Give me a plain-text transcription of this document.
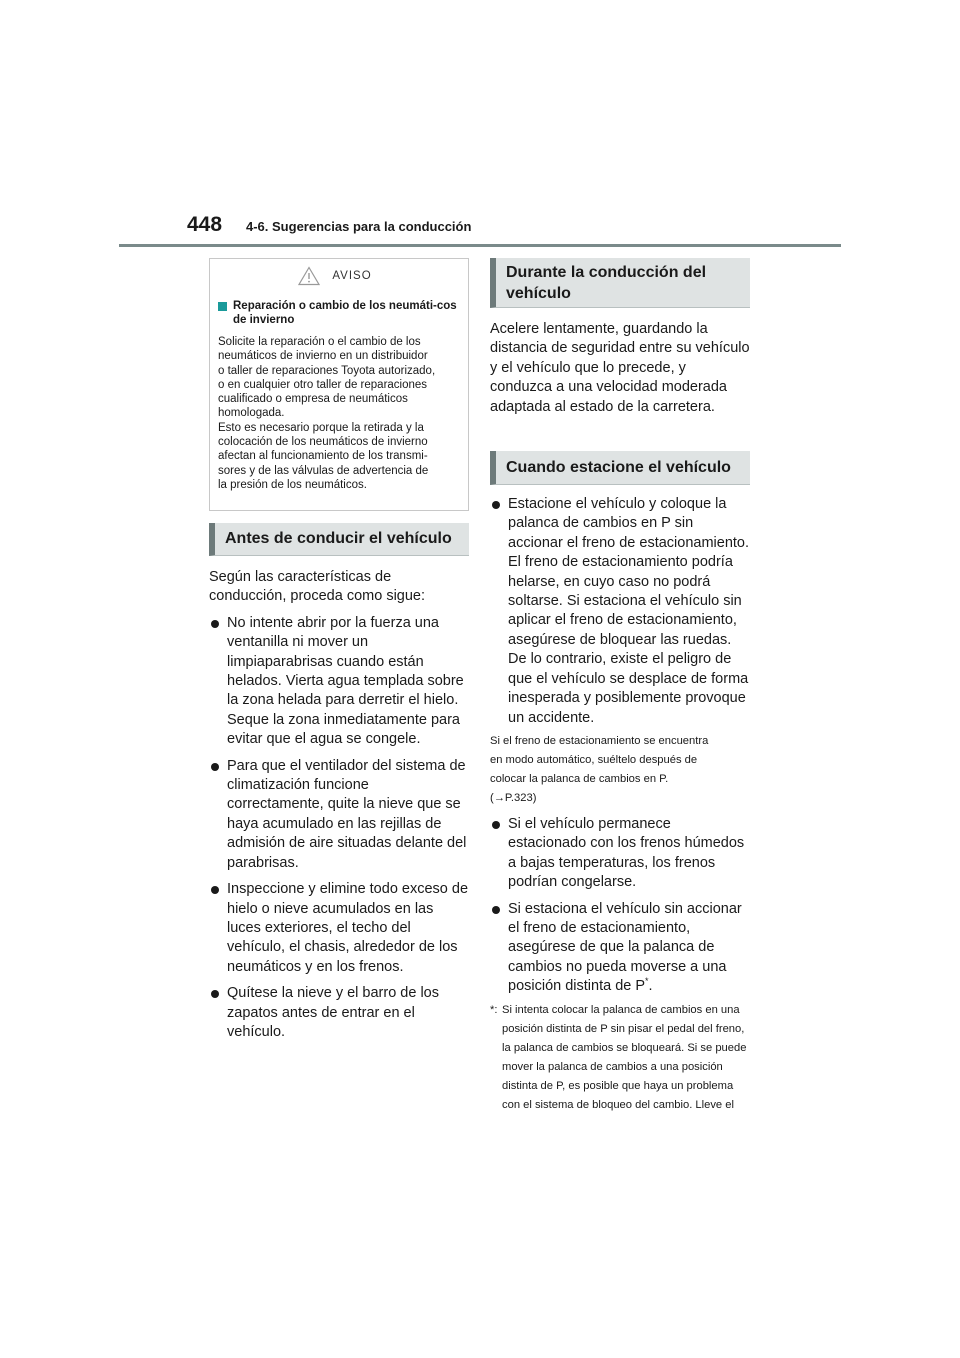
448 4-6. Sugerencias para la conducción
AVISO
Reparación o cambio de los neumáti-cos de invierno

Solicite la reparación o el cambio de los

neumáticos de invierno en un distribuidor

o taller de reparaciones Toyota autorizado,

o en cualquier otro taller de reparaciones

cualificado o empresa de neumáticos

homologada.

Esto es necesario porque la retirada y la

colocación de los neumáticos de invierno

afectan al funcionamiento de los transmi-

sores y de las válvulas de advertencia de

la presión de los neumáticos.

Antes de conducir el vehículo

Según las características de conducción, proceda como sigue:

No intente abrir por la fuerza una ventanilla ni mover un limpiaparabrisas cuando están helados. Vierta agua templada sobre la zona helada para derretir el hielo. Seque la zona inmediatamente para evitar que el agua se congele.
Para que el ventilador del sistema de climatización funcione correctamente, quite la nieve que se haya acumulado en las rejillas de admisión de aire situadas delante del parabrisas.
Inspeccione y elimine todo exceso de hielo o nieve acumulados en las luces exteriores, el techo del vehículo, el chasis, alrededor de los neumáticos y en los frenos.
Quítese la nieve y el barro de los zapatos antes de entrar en el vehículo.
Durante la conducción del
vehículo

Acelere lentamente, guardando la distancia de seguridad entre su vehículo y el vehículo que lo precede, y conduzca a una velocidad moderada adaptada al estado de la carretera.

Cuando estacione el vehículo
Estacione el vehículo y coloque la palanca de cambios en P sin accionar el freno de estacionamiento. El freno de estacionamiento podría helarse, en cuyo caso no podrá soltarse. Si estaciona el vehículo sin aplicar el freno de estacionamiento, asegúrese de bloquear las ruedas. De lo contrario, existe el peligro de que el vehículo se desplace de forma inesperada y posiblemente provoque un accidente.

Si el freno de estacionamiento se encuentra

en modo automático, suéltelo después de

colocar la palanca de cambios en P.

(→P.323)

Si el vehículo permanece estacionado con los frenos húmedos a bajas temperaturas, los frenos podrían congelarse.
Si estaciona el vehículo sin accionar el freno de estacionamiento, asegúrese de que la palanca de cambios no pueda moverse a una posición distinta de P*.
*: Si intenta colocar la palanca de cambios en una posición distinta de P sin pisar el pedal del freno, la palanca de cambios se bloqueará. Si se puede mover la palanca de cambios a una posición distinta de P, es posible que haya un problema con el sistema de bloqueo del cambio. Lleve el
